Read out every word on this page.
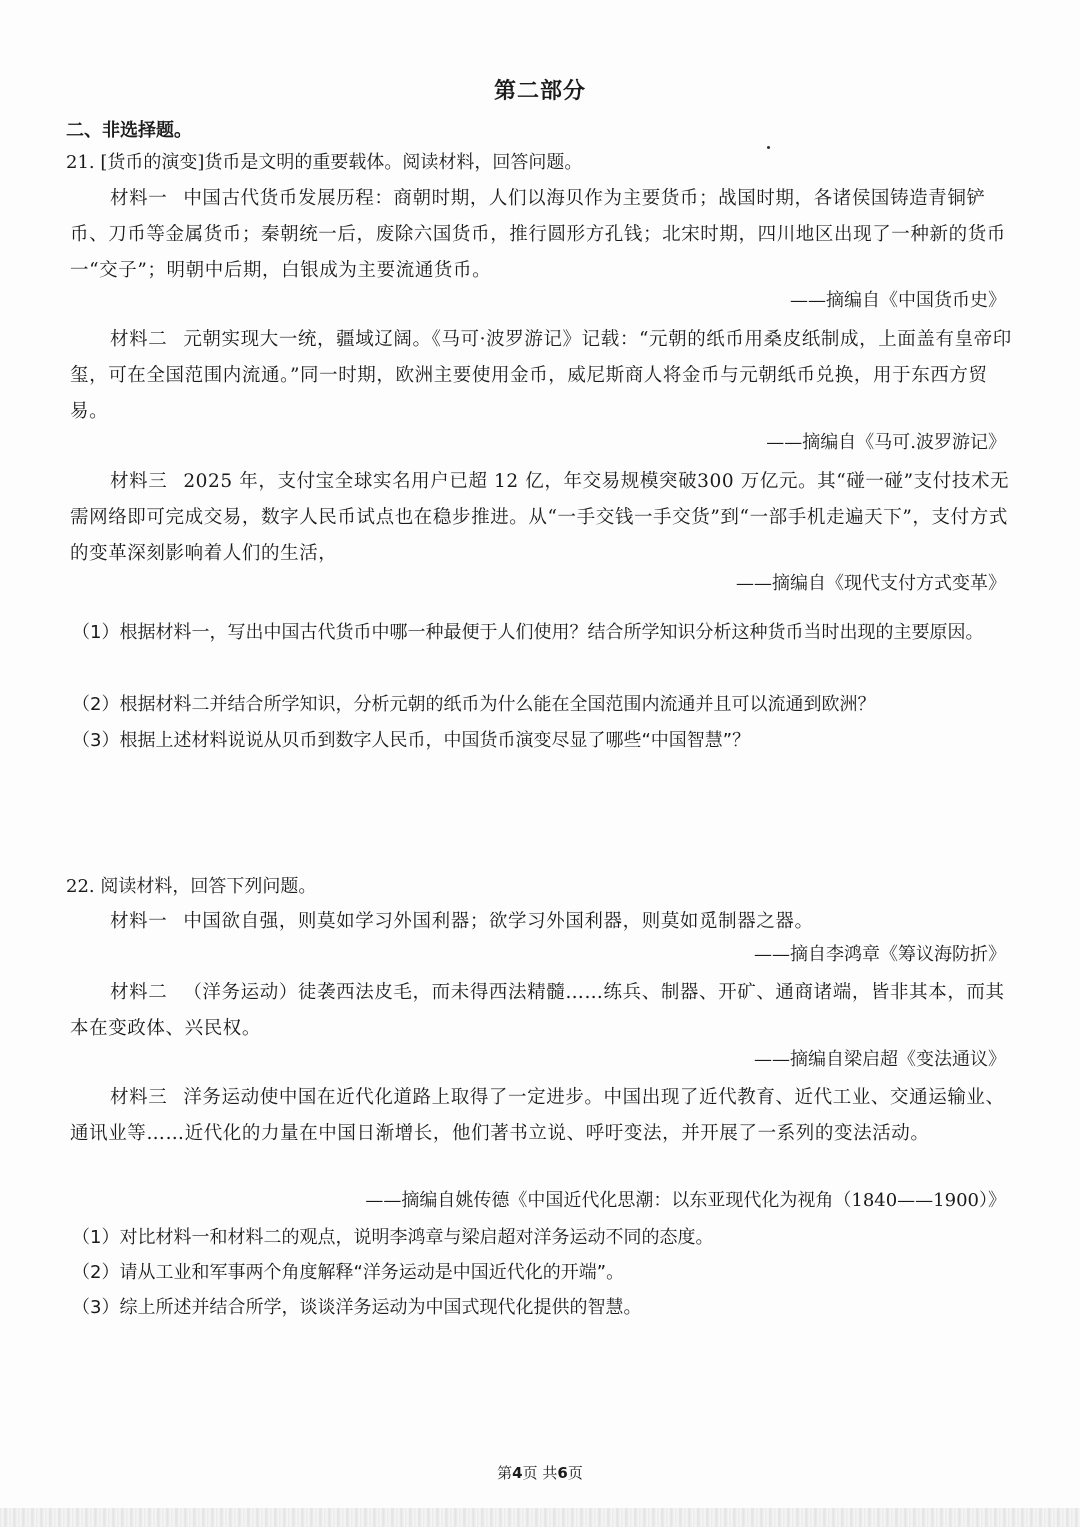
第二部分
二、非选择题。
21. [货币的演变]货币是文明的重要载体。阅读材料，回答问题。
材料一 中国古代货币发展历程：商朝时期，人们以海贝作为主要货币；战国时期，各诸侯国铸造青铜铲币、刀币等金属货币；秦朝统一后，废除六国货币，推行圆形方孔钱；北宋时期，四川地区出现了一种新的货币一“交子”；明朝中后期，白银成为主要流通货币。
——摘编自《中国货币史》
材料二 元朝实现大一统，疆域辽阔。《马可·波罗游记》记载：“元朝的纸币用桑皮纸制成，上面盖有皇帝印玺，可在全国范围内流通。”同一时期，欧洲主要使用金币，威尼斯商人将金币与元朝纸币兑换，用于东西方贸易。
——摘编自《马可.波罗游记》
材料三 2025 年，支付宝全球实名用户已超 12 亿，年交易规模突破300 万亿元。其“碰一碰”支付技术无需网络即可完成交易，数字人民币试点也在稳步推进。从“一手交钱一手交货”到“一部手机走遍天下”，支付方式的变革深刻影响着人们的生活，
——摘编自《现代支付方式变革》
（1）根据材料一，写出中国古代货币中哪一种最便于人们使用？结合所学知识分析这种货币当时出现的主要原因。
（2）根据材料二并结合所学知识，分析元朝的纸币为什么能在全国范围内流通并且可以流通到欧洲？
（3）根据上述材料说说从贝币到数字人民币，中国货币演变尽显了哪些“中国智慧”？
22. 阅读材料，回答下列问题。
材料一 中国欲自强，则莫如学习外国利器；欲学习外国利器，则莫如觅制器之器。
——摘自李鸿章《筹议海防折》
材料二 （洋务运动）徒袭西法皮毛，而未得西法精髓……练兵、制器、开矿、通商诸端，皆非其本，而其本在变政体、兴民权。
——摘编自梁启超《变法通议》
材料三 洋务运动使中国在近代化道路上取得了一定进步。中国出现了近代教育、近代工业、交通运输业、通讯业等……近代化的力量在中国日渐增长，他们著书立说、呼吁变法，并开展了一系列的变法活动。
——摘编自姚传德《中国近代化思潮：以东亚现代化为视角（1840——1900）》
（1）对比材料一和材料二的观点，说明李鸿章与梁启超对洋务运动不同的态度。
（2）请从工业和军事两个角度解释“洋务运动是中国近代化的开端”。
（3）综上所述并结合所学，谈谈洋务运动为中国式现代化提供的智慧。
第4页 共6页
